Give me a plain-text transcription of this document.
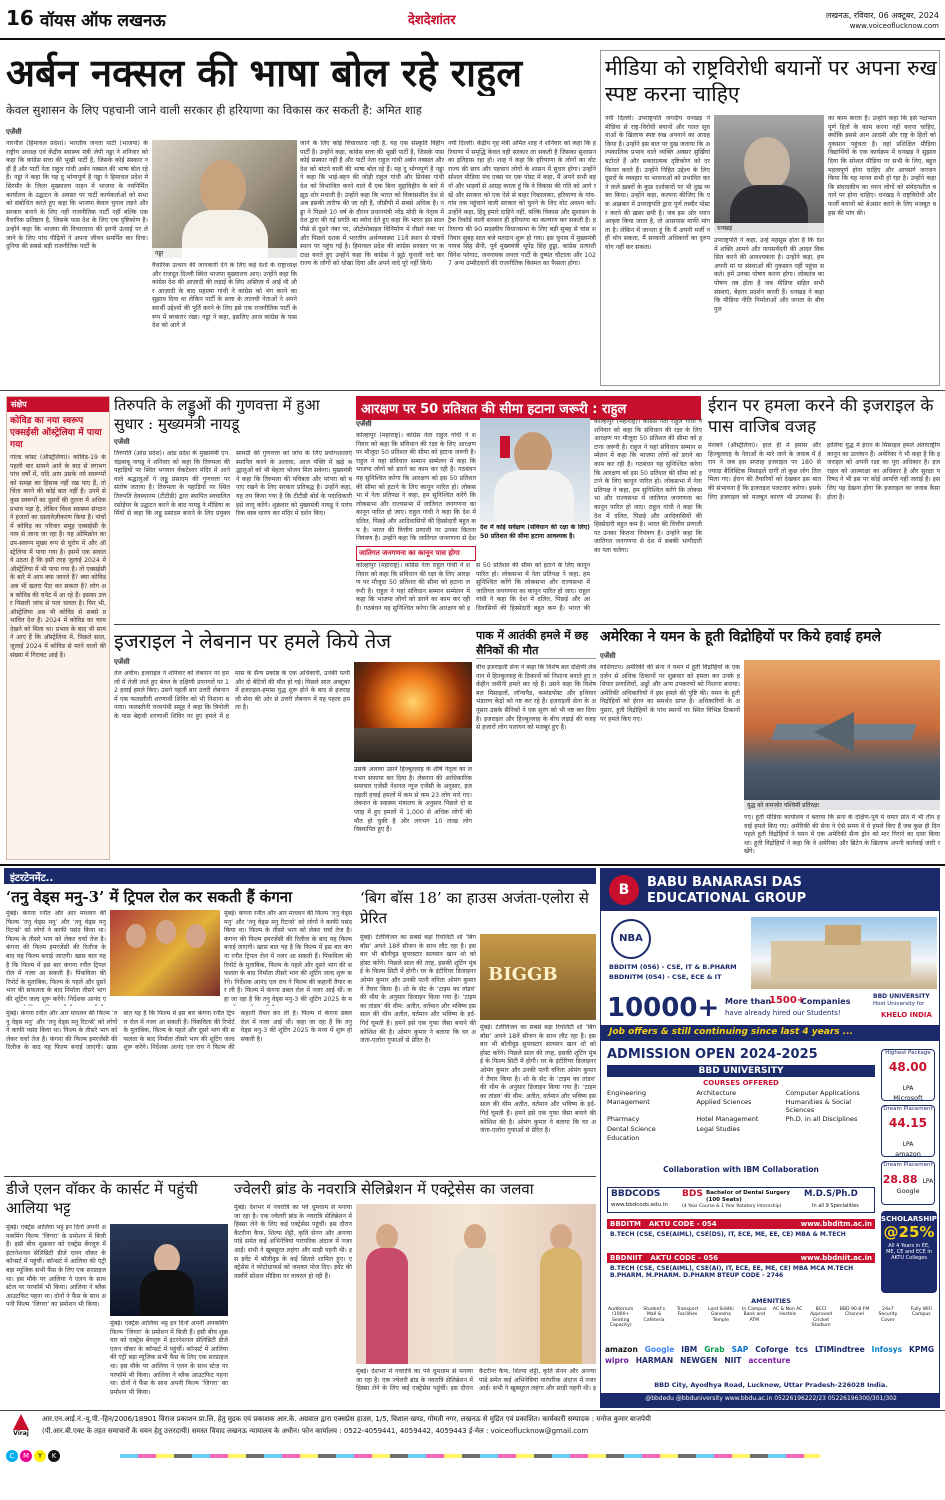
16 वॉयस ऑफ लखनऊ	देशदेशांतर	लखनऊ, रविवार, 06 अक्टूबर, 2024
www.voiceoflucknow.com
अर्बन नक्सल की भाषा बोल रहे राहुल
केवल सुशासन के लिए पहचानी जाने वाली सरकार ही हरियाणा का विकास कर सकती है: अमित शाह
एजेंसी
नारनौल (हिमाचल प्रदेश)। भारतीय जनता पार्टी (भाजपा) के राष्ट्रीय अध्यक्ष एवं केंद्रीय स्वास्थ्य मंत्री जेपी नड्डा ने शनिवार को कहा कि कांग्रेस सत्ता की भूखी पार्टी है, जिसके कोई संस्कार नहीं हैं और पार्टी नेता राहुल गांधी अर्बन नक्सल की भाषा बोल रहे हैं। नड्डा ने कहा कि यह दु र्भाग्यपूर्ण है नड्डा ने हिमाचल प्रदेश में सिरमौर के जिला मुख्यालय नाहन में भाजपा के नवनिर्मित कार्यालय के उद्घाटन के अवसर पर पार्टी कार्यकर्ताओं को सभा को संबोधित करते हुए कहा कि भाजपा केवल चुनाव लड़ने और सरकार बनाने के लिए नहीं राजनीतिक पार्टी नहीं बल्कि एक वैचारिक प्रतिष्ठान है, जिसके पास देश के लिए एक दृष्टिकोण है। उन्होंने कहा कि भाजपा की विचारधारा की इतनी ऊंचाई पर ले जाने के लिए पांच पीढ़ियों ने अपना जीवन समर्पित कर दिया। दुनिया की सबसे बड़ी राजनीतिक पार्टी के
नड्डा
वैचारिक उत्थान की जानकारी देने के लिए कई देशों के राष्ट्राध्यक्ष और राजदूत दिल्ली स्थित भाजपा मुख्यालय आए। उन्होंने कहा कि कांग्रेस देश की आज़ादी की लड़ाई के लिए अस्तित्व में आई थी और आज़ादी के बाद महात्मा गांधी ने कांग्रेस को भंग करने का सुझाव दिया था लेकिन पार्टी के सत्ता के लालची नेताओं ने अपने स्वार्थी उद्देश्यों की पूर्ति करने के लिए इसे एक राजनीतिक पार्टी के रूप में बरकरार रखा। नड्डा ने कहा, इसलिए आज कांग्रेस के पास देश को आगे ले
जाने के लिए कोई विचारधारा नहीं है, यह एक संस्कृति विहीन पार्टी है। उन्होंने कहा, कांग्रेस सत्ता की भूखी पार्टी है, जिसके पास कोई संस्कार नहीं है और पार्टी नेता राहुल गांधी अर्बन नक्सल और देश को बांटने वाली की भाषा बोल रहे हैं। यह दु र्भाग्यपूर्ण है नड्डा ने कहा कि भाई-बहन की जोड़ी राहुल गांधी और प्रियंका गांधी देश को विभाजित करने वाले मैं एक बिना मुद्दाविहीन के बारे में झूठ शोर मचाती है। उन्होंने कहा कि भारत को विकासशील देश से अब इसकी तारीफ की जा रही है, जीडीपी में सबसे अधिक है। नड्डा ने पिछले 10 वर्ष के दौरान प्रधानमंत्री नरेंद्र मोदी के नेतृत्व में देश द्वारा की गई प्रगति का ब्योरा देते हुए कहा कि भारत इस साल पीछे से दूसरे नंबर पर, ऑटोमोबाइल विनिर्माण में तीसरे नंबर पर और पिछले दशक में भारतीय अर्थव्यवस्था 11वें स्थान से पांचवें स्थान पर पहुंच गई है। हिमाचल प्रदेश की कांग्रेस सरकार पर कटाक्ष करते हुए उन्होंने कहा कि कांग्रेस ने झूठे चुनावी वादे कर राज्य के लोगों को धोखा दिया और अपने वादे पूरे नहीं किये।
नयी दिल्ली। केंद्रीय गृह मंत्री अमित शाह ने शनिवार को कहा कि हरियाणा में समृद्धि केवल वही सरकार ला सकती है जिसका सुशासन का इतिहास रहा हो। शाह ने कहा कि हरियाणा के लोगों का वोट राज्य की छाप और पहचान लोगों के शासन में सुधार होगा। उन्होंने सोशल मीडिया मंच एक्स पर एक पोस्ट में कहा, मैं अपने सभी बहनों और भाइयों से आग्रह करता हूं कि वे विकास की गति को आगे रखें और सरकार को एक ऐसे से बाहर निकालकर, हरियाणा के गांव-गांव तक पहुंचाने वाली सरकार को चुनने के लिए वोट अवश्य करें। उन्होंने कहा, हिंदू हमारे दाहिने नहीं, बल्कि विकास और सुशासन के ट्रैक रिकॉर्ड वाली सरकार ही हरियाणा का कल्याण कर सकती है। हरियाणा की 90 सदस्यीय विधानसभा के लिए बड़ी सुबह से चांस शनिवार सुबह सात बजे मतदान शुरू हो गया। इस चुनाव में मुख्यमंत्री नायब सिंह सैनी, पूर्व मुख्यमंत्री भूपेंद्र सिंह हुड्डा, कांग्रेस प्रत्याशी विनेश फोगाट, जननायक जनता पार्टी के दुष्यंत चौटाला और 1027 अन्य उम्मीदवारों की राजनीतिक किस्मत का फैसला होगा।
मीडिया को राष्ट्रविरोधी बयानों पर अपना रुख स्पष्ट करना चाहिए
नयी दिल्ली। उपराष्ट्रपति जगदीप धनखड़ ने मीडिया से राष्ट्र-विरोधी बयानों और गलत सूचनाओं के खिलाफ स्पष्ट रुख अपनाने का आग्रह किया है। उन्होंने इस बात पर दुख जताया कि अल्पकालिक प्रभाव वाले व्यक्ति अक्सर सुर्खियां बटोरते हैं और सकारात्मक दृष्टिकोण को दरकिनार करते हैं। उन्होंने निहित उद्देश्य के लिए दूसरों के व्यवहार या भावनाओं को प्रभावित करने वाले ख़बरों के कुछ दर्शाकारों पर भी दुख व्यक्त किया। उन्होंने कहा, कल्पना कीजिए कि एक अख़बार में उपराष्ट्रपति द्वारा पूर्ण तस्वीर पोस्टर करने की ख़बर छपी है। जब इस ओर ध्यान आकृष्ट किया जाता है, तो आसपास माफी मांगता है। लेकिन में जानता हूं कि मैं अपनी मर्जी नहीं थोप सकता, मैं सरकारी अधिकारों का दुरुपयोग नहीं कर सकता।
धनखड़
उपराष्ट्रपति ने कहा, उन्हें महसूस होता है कि देश में शक्ति आमने और पापसर्वंदनी की आदत विकसित करने की आवश्यकता है। उन्होंने कहा, हम अपनी मां या संस्थाओं की नुकसान नहीं पहुंचा सकते। हमें उनका पोषण करना होगा। लोकतंत्र का पोषण तब होता है जब मीडिया सहित सभी संस्थाएं, बेहतर प्रदर्शन करती हैं। धनखड़ ने कहा कि मीडिया नीति निर्माताओं और जनता के बीच पुल
का काम करता है। उन्होंने कहा कि इसे पक्षपातपूर्ण हितों के काम करना नहीं करना चाहिए, क्योंकि इससे आम आदमी और राष्ट्र के हितों को नुकसान पहुंचता है। वहां प्रशिक्षित मीडिया विद्यार्थियों के एक कार्यक्रम में धनखड़ ने सुझाव दिया कि सोशल मीडिया पर सभी के लिए, बहुत महत्वपूर्ण होना चाहिए और आपसर्ग जनजन किया कि यह मानव सभी हो रहा है। उन्होंने कहा कि संवादकीय का ध्यान लोगों को संवेदनशील बनाने पर होना चाहिए। धनखड़ ने राष्ट्रविरोधी और फर्जी बयानों को बेअसर करने के लिए मजबूत बहस की मांग की।
संक्षेप
कोविड का नया स्वरूप एक्सईसी ऑस्ट्रेलिया में पाया गया
गोल्ड कोस्ट (ऑस्ट्रेलिया)। कोविड-19 के पहली बार सामने आने के बाद से लगभग पांच वर्षों में, यदि आप उसके नये स्वरूप्पों को समझ का हिसाब नहीं रख पाए हैं, तो चिंता करने की कोई बात नहीं है। उनमें से कुछ स्वरूपों का दूसरों की तुलना में अधिक प्रभाव पड़ा है, लेकिन विश्व स्वास्थ्य संगठन ने हजारों का दस्तावेज़ीकरण किया है। पांचों में कोविड़ का परिवार समूह एक्सईसी के नाम से जाना जा रहा है। यह ओमिक्रोन का उप-स्वरूप मुख्य रूप से यूरोप में और ऑस्ट्रेलिया में पाया गया है। इसमें एक सवाल ये उठता है कि इसी तरह जुलाई 2024 में ऑस्ट्रेलिया में भी पाया गया है। तो एक्सईसी के बारे में आप क्या जानते हैं? क्या कोविड अब भी खतरा पैदा कर सकता है? लोग अब कोविड की चपेट में आ रहे हैं। इसका उत्तर पिछली जांच से पता चलता है। फिर भी, ऑस्ट्रेलिया अब भी कोविड से सबसे प्रभावित देश है। 2024 में कोविड का चरम देखने को मिला था। प्रभाव के बाद भी सामने आए हैं कि ऑस्ट्रेलिया में, पिछले साल, जुलाई 2024 में कोविड से मरने वालों की संख्या में गिरावट आई है।
तिरुपति के लड्डुओं की गुणवत्ता में हुआ सुधार : मुख्यमंत्री नायडू
एजेंसी
तिरुपति (आंध्र प्रदेश)। आंध्र प्रदेश के मुख्यमंत्री एन. चंद्रबाबू नायडू ने शनिवार को कहा कि तिरुमला की पहाड़ियों पर स्थित भगवान वेंकटेश्वर मंदिर में आने वाले श्रद्धालुओं ने लड्डू प्रसादम की गुणवत्ता पर संतोष जताया है। तिरुमला के पहाड़ियों पर स्थित तिरुपति देवस्थानम (टीटीडी) द्वारा स्थापित स्वचालित रसोईघर के उद्घाटन करने के बाद नायडू ने मीडिया कर्मियों से कहा कि लड्डू प्रसादम बनाने के लिए प्रयुक्त सामग्री की गुणवत्ता को जांच के लिए प्रयोगशालाएं स्थापित करने के अलावा, आज पंक्ति में खड़े श्रद्धालुओं को भी बेहतर भोजन मिल सकेगा। मुख्यमंत्री ने कहा कि तिरुमला की पवित्रता और परंपरा को बनाए रखने के लिए सरकार प्रतिबद्ध है। उन्होंने कहा, यह तय किया गया है कि टीटीडी बोर्ड के पदाधिकारी इसे लागू करेंगे। शुक्रवार को मुख्यमंत्री नायडू ने पारंपरिक वस्त्र धारण कर मंदिर में दर्शन किए।
आरक्षण पर 50 प्रतिशत की सीमा हटाना जरूरी : राहुल
एजेंसी
देश में कोई सर्वेक्षण (संविधान की रक्षा के लिए) 50 प्रतिशत की सीमा हटाना आवश्यक है।
जातिगत जनगणना का कानून पास होगा
कोल्हापुर (महाराष्ट्र)। कांग्रेस नेता राहुल गांधी ने शनिवार को कहा कि संविधान की रक्षा के लिए आरक्षण पर मौजूदा 50 प्रतिशत की सीमा को हटाना जरूरी है। राहुल ने यहां संविधान सम्मान सम्मेलन में कहा कि भाजपा लोगों को डराने का काम कर रही है। गठबंधन यह सुनिश्चित करेगा कि आरक्षण को इस 50 प्रतिशत की सीमा को हटाने के लिए कानून पारित हो। लोकसभा में नेता प्रतिपक्ष ने कहा, हम सुनिश्चित करेंगे कि लोकसभा और राज्यसभा में जातिगत जनगणना का कानून पारित हो जाए। राहुल गांधी ने कहा कि देश में दलित, पिछड़े और आदिवासियों की हिस्सेदारी बहुत कम है। भारत की वित्तीय प्रणाली पर उनका कितना नियंत्रण है। उन्होंने कहा कि जातिगत जनगणना से देश
कोल्हापुर (महाराष्ट्र)। कांग्रेस नेता राहुल गांधी ने शनिवार को कहा कि संविधान की रक्षा के लिए आरक्षण पर मौजूदा 50 प्रतिशत की सीमा को हटाना जरूरी है। राहुल ने यहां संविधान सम्मान सम्मेलन में कहा कि भाजपा लोगों को डराने का काम कर रही है। गठबंधन यह सुनिश्चित करेगा कि आरक्षण को इस 50 प्रतिशत की सीमा को हटाने के लिए कानून पारित हो। लोकसभा में नेता प्रतिपक्ष ने कहा, हम सुनिश्चित करेंगे कि लोकसभा और राज्यसभा में जातिगत जनगणना का कानून पारित हो जाए। राहुल गांधी ने कहा कि देश में दलित, पिछड़े और आदिवासियों की हिस्सेदारी बहुत कम है। भारत की
कोल्हापुर (महाराष्ट्र)। कांग्रेस नेता राहुल गांधी ने शनिवार को कहा कि संविधान की रक्षा के लिए आरक्षण पर मौजूदा 50 प्रतिशत की सीमा को हटाना जरूरी है। राहुल ने यहां संविधान सम्मान सम्मेलन में कहा कि भाजपा लोगों को डराने का काम कर रही है। गठबंधन यह सुनिश्चित करेगा कि आरक्षण को इस 50 प्रतिशत की सीमा को हटाने के लिए कानून पारित हो। लोकसभा में नेता प्रतिपक्ष ने कहा, हम सुनिश्चित करेंगे कि लोकसभा और राज्यसभा में जातिगत जनगणना का कानून पारित हो जाए। राहुल गांधी ने कहा कि देश में दलित, पिछड़े और आदिवासियों की हिस्सेदारी बहुत कम है। भारत की वित्तीय प्रणाली पर उनका कितना नियंत्रण है। उन्होंने कहा कि जातिगत जनगणना से देश में सबकी भागीदारी का पता चलेगा।
ईरान पर हमला करने की इजराइल के पास वाजिब वजह
मेलबर्न (ऑस्ट्रेलिया)। हाल ही में हमास और हिज्बुल्लाह के नेताओं के मारे जाने के जवाब में ईरान ने जब इस सप्ताह इजराइल पर 180 से ज्यादा बैलिस्टिक मिसाइलें दागीं तो कुछ लोग तिलमिला गए। ईरान की तैयारियों को देखकर इस बात की संभावना है कि इजराइल पलटवार करेगा। इसके लिए इजराइल को मजबूत कारण भी उपलब्ध हैं। हालिया युद्ध में ईरान के मिसाइल हमले अंतरराष्ट्रीय कानून का उल्लंघन हैं। अमेरिका ने भी कहा है कि इजराइल को अपनी रक्षा का पूरा अधिकार है। इजराइल को आत्मरक्षा का अधिकार है और सुरक्षा परिषद ने भी इस पर कोई आपत्ति नहीं जताई है। इसलिए यह देखना होगा कि इजराइल का जवाब कैसा होता है।
इजराइल ने लेबनान पर हमले किये तेज
एजेंसी
तेल अवीव। इजराइल ने शनिवार को लेबनान पर हमलों में तेजी लाते हुए बेरुत के दक्षिणी उपनगरों पर 12 हवाई हमले किए। उसने पहली बार उत्तरी लेबनान में एक फलस्तीनी शरणार्थी शिविर को भी निशाना बनाया। फलस्तीनी चरमपंथी समूह ने कहा कि त्रिपोली के पास बेद्दावी शरणार्थी शिविर पर हुए हमले में हमास के सैन्य प्रकोष्ठ के एक अधिकारी, उनकी पत्नी और दो बेटियों की मौत हो गई। पिछले साल अक्टूबर में इजराइल-हमास युद्ध शुरू होने के बाद से इजराइली सेना की ओर से उत्तरी लेबनान में यह पहला हमला है।
उसके अलावा उसने हिज्बुल्लाह के शीर्ष नेतृत्व का लगभग सफाया कर दिया है। लेबनान की आधिकारिक समाचार एजेंसी नेशनल न्यूज एजेंसी के अनुसार, इजराइली हवाई हमलों में कम से कम 23 लोग मारे गए। लेबनान के स्वास्थ्य मंत्रालय के अनुसार पिछले दो सप्ताह में हुए हमलों में 1,000 से अधिक लोगों की मौत हो चुकी है और लगभग 10 लाख लोग विस्थापित हुए हैं।
पाक में आतंकी हमले में छह सैनिकों की मौत
बीच इजराइली सेना ने कहा कि विशेष बल दक्षिणी लेबनान में हिज्बुल्लाह के ठिकानों को निशाना बनाते हुए तर्कहीन जमीनी हमले कर रहे हैं। उसने कहा कि विशेष बल मिसाइलों, लॉन्चपैड, कमांडपोस्ट और हथियार भंडारण केंद्रों को नष्ट कर रहे हैं। इजराइली सेना के अनुसार उसके सैनिकों ने एक सुरंग को भी नष्ट कर दिया है। इजराइल और हिज्बुल्लाह के बीच लड़ाई की वजह से हजारों लोग पलायन को मजबूर हुए हैं।
अमेरिका ने यमन के हूती विद्रोहियों पर किये हवाई हमले
एजेंसी
वाशिंगटन। अमेरिकी की सेना ने यमन में हूती विद्रोहियों के एक दर्जन से अधिक ठिकानों पर शुक्रवार को हमला कर उनके हथियार प्रणालियों, अड्डों और अन्य उपकरणों को निशाना बनाया। अमेरिकी अधिकारियों ने इस हमले की पुष्टि की। यमन के हूती विद्रोहियों को ईरान का समर्थन प्राप्त है। अधिकारियों के अनुसार, हूती विद्रोहियों के पांच स्थानों पर स्थित विभिन्न ठिकानों पर हमले किए गए।
युद्ध को कमजोर पश्चिमी प्रतिरक्षा
गए। हूती मीडिया कार्यालय ने बताया कि सना के दक्षिण-पूर्व में धमार प्रांत में भी तीन हवाई हमले किए गए। अमेरिकी की सेना ने ऐसे समय में ये हमले किए हैं जब कुछ ही दिन पहले हूती विद्रोहियों ने यमन में एक अमेरिकी सैन्य ड्रोन को मार गिराने का दावा किया था। हूती विद्रोहियों ने कहा कि वे अमेरिका और ब्रिटेन के खिलाफ अपनी कार्रवाई जारी रखेंगे।
इंटरटेनमेंट..
‘तनु वेड्स मनु-3’ में ट्रिपल रोल कर सकती हैं कंगना
मुंबई। कंगना रनौत और आर माधवन की फिल्म ‘तनु वेड्स मनु’ और ‘तनु वेड्स मनु रिटर्न्स’ को लोगों ने काफी पसंद किया था। फिल्म के तीसरे भाग को लेकर चर्चा तेज है। कंगना की फिल्म इमरजेंसी की रिलीज के बाद यह फिल्म बनाई जाएगी। खास बात यह है कि फिल्म में इस बार कंगना रनौत ट्रिपल रोल में नजर आ सकती हैं। पिंकविला की रिपोर्ट के मुताबिक, फिल्म के पहले और दूसरे भाग की सफलता के बाद निर्माता तीसरे भाग की शूटिंग जल्द शुरू करेंगे। निर्देशक आनंद ए
मुंबई। कंगना रनौत और आर माधवन की फिल्म ‘तनु वेड्स मनु’ और ‘तनु वेड्स मनु रिटर्न्स’ को लोगों ने काफी पसंद किया था। फिल्म के तीसरे भाग को लेकर चर्चा तेज है। कंगना की फिल्म इमरजेंसी की रिलीज के बाद यह फिल्म बनाई जाएगी। खास बात यह है कि फिल्म में इस बार कंगना रनौत ट्रिपल रोल में नजर आ सकती हैं। पिंकविला की रिपोर्ट के मुताबिक, फिल्म के पहले और दूसरे भाग की सफलता के बाद निर्माता तीसरे भाग की शूटिंग जल्द शुरू करेंगे। निर्देशक आनंद एल राय ने फिल्म की कहानी तैयार कर ली है। फिल्म में कंगना डबल रोल में नजर आई थीं। कहा जा रहा है कि तनु वेड्स मनु-3 की शूटिंग 2025 के म
मुंबई। कंगना रनौत और आर माधवन की फिल्म ‘तनु वेड्स मनु’ और ‘तनु वेड्स मनु रिटर्न्स’ को लोगों ने काफी पसंद किया था। फिल्म के तीसरे भाग को लेकर चर्चा तेज है। कंगना की फिल्म इमरजेंसी की रिलीज के बाद यह फिल्म बनाई जाएगी। खास बात यह है कि फिल्म में इस बार कंगना रनौत ट्रिपल रोल में नजर आ सकती हैं। पिंकविला की रिपोर्ट के मुताबिक, फिल्म के पहले और दूसरे भाग की सफलता के बाद निर्माता तीसरे भाग की शूटिंग जल्द शुरू करेंगे। निर्देशक आनंद एल राय ने फिल्म की कहानी तैयार कर ली है। फिल्म में कंगना डबल रोल में नजर आई थीं। कहा जा रहा है कि तनु वेड्स मनु-3 की शूटिंग 2025 के मध्य में शुरू हो सकती है।
‘बिग बॉस 18’ का हाउस अजंता-एलोरा से प्रेरित
BIGGB
मुंबई। टेलीविजन का सबसे बड़ा रियलिटी शो ‘बिग बॉस’ अपने 18वें सीजन के साथ लौट रहा है। इस बार भी बॉलीवुड सुपरस्टार सलमान खान शो को होस्ट करेंगे। पिछले साल की तरह, इसकी शूटिंग मुंबई के फिल्म सिटी में होगी। घर के इंटीरियर डिजाइनर ओमंग कुमार और उनकी पत्नी वनिता ओमंग कुमार ने तैयार किया है। शो के सेट के ‘टाइम का तांडव’ की थीम के अनुसार डिजाइन किया गया है। ‘टाइम का तांडव’ की थीम: अतीत, वर्तमान और भविष्य इस साल की थीम अतीत, वर्तमान और भविष्य के इर्द-गिर्द घूमती है। हमने इसे एक गुफा जैसा बनाने की कोशिश की है। ओमंग कुमार ने बताया कि घर अजंता-एलोरा गुफाओं से प्रेरित है।
मुंबई। टेलीविजन का सबसे बड़ा रियलिटी शो ‘बिग बॉस’ अपने 18वें सीजन के साथ लौट रहा है। इस बार भी बॉलीवुड सुपरस्टार सलमान खान शो को होस्ट करेंगे। पिछले साल की तरह, इसकी शूटिंग मुंबई के फिल्म सिटी में होगी। घर के इंटीरियर डिजाइनर ओमंग कुमार और उनकी पत्नी वनिता ओमंग कुमार ने तैयार किया है। शो के सेट के ‘टाइम का तांडव’ की थीम के अनुसार डिजाइन किया गया है। ‘टाइम का तांडव’ की थीम: अतीत, वर्तमान और भविष्य इस साल की थीम अतीत, वर्तमान और भविष्य के इर्द-गिर्द घूमती है। हमने इसे एक गुफा जैसा बनाने की कोशिश की है। ओमंग कुमार ने बताया कि घर अजंता-एलोरा गुफाओं से प्रेरित है।
डीजे एलन वॉकर के कार्सट में पहुंची आलिया भट्ट
मुंबई। एक्ट्रेस आलिया भट्ट इन दिनों अपनी अपकमिंग फिल्म ‘जिगरा’ के प्रमोशन में बिजी हैं। इसी बीच शुक्रवार को एक्ट्रेस बेंगलुरु में इंटरनेशनल सेलिब्रिटी डीजे एलन वॉकर के कॉन्सर्ट में पहुंचीं। कॉन्सर्ट में आलिया की एंट्री बड़ा म्यूजिक सभी फैंस के लिए एक सरप्राइज था। इस मौके पर आलिया ने एलन के साथ स्टेज पर परफॉर्म भी किया। आलिया ने ब्लैक आउटफिट पहना था। दोनों ने फैंस के साथ अपनी फिल्म ‘जिगरा’ का प्रमोशन भी किया।
मुंबई। एक्ट्रेस आलिया भट्ट इन दिनों अपनी अपकमिंग फिल्म ‘जिगरा’ के प्रमोशन में बिजी हैं। इसी बीच शुक्रवार को एक्ट्रेस बेंगलुरु में इंटरनेशनल सेलिब्रिटी डीजे एलन वॉकर के कॉन्सर्ट में पहुंचीं। कॉन्सर्ट में आलिया की एंट्री बड़ा म्यूजिक सभी फैंस के लिए एक सरप्राइज था। इस मौके पर आलिया ने एलन के साथ स्टेज पर परफॉर्म भी किया। आलिया ने ब्लैक आउटफिट पहना था। दोनों ने फैंस के साथ अपनी फिल्म ‘जिगरा’ का प्रमोशन भी किया।
ज्वेलरी ब्रांड के नवरात्रि सेलिब्रेशन में एक्ट्रेसेस का जलवा
मुंबई। देशभर में नवरात्रि का पर्व धूमधाम से मनाया जा रहा है। एक ज्वेलरी ब्रांड के नवरात्रि सेलिब्रेशन में हिस्सा लेने के लिए कई एक्ट्रेसेस पहुंचीं। इस दौरान कैटरीना कैफ, शिल्पा शेट्टी, कृति सेनन और अनन्या पांडे समेत कई अभिनेत्रियां पारंपरिक अंदाज में नजर आईं। सभी ने खूबसूरत लहंगा और साड़ी पहनी थी। इस इवेंट में बॉलीवुड के कई सितारे शामिल हुए। एक्ट्रेसेस ने फोटोग्राफर्स को जमकर पोज दिए। इवेंट की तस्वीरें सोशल मीडिया पर वायरल हो रही हैं।
मुंबई। देशभर में नवरात्रि का पर्व धूमधाम से मनाया जा रहा है। एक ज्वेलरी ब्रांड के नवरात्रि सेलिब्रेशन में हिस्सा लेने के लिए कई एक्ट्रेसेस पहुंचीं। इस दौरान कैटरीना कैफ, शिल्पा शेट्टी, कृति सेनन और अनन्या पांडे समेत कई अभिनेत्रियां पारंपरिक अंदाज में नजर आईं। सभी ने खूबसूरत लहंगा और साड़ी पहनी थी। इ
B	BABU BANARASI DAS
EDUCATIONAL GROUP
NBA
BBDITM (056) - CSE, IT & B.PHARM
BBDNITM (054) - CSE, ECE & IT
10000+ More than
1500+
Companies
have already hired our Students!
BBD UNIVERSITY
Host University for
KHELO INDIA
Job offers & still continuing since last 4 years ...
ADMISSION OPEN 2024-2025
BBD UNIVERSITY
COURSES OFFERED
Engineering	Architecture	Computer Applications
Management	Applied Sciences	Humanities & Social Sciences
Pharmacy	Hotel Management	Ph.D. in all Disciplines
Dental Science	Legal Studies
Education
Collaboration with IBM Collaboration
Highest Package
48.00 LPA
Microsoft
Dream Placement
44.15 LPA
amazon
Dream Placement
28.88 LPA
Google
BBDCODS
www.bbdcods.edu.in
BDS Bachelor of Dental Surgery (100 Seats)
(4 Year Course & 1 Year Rotatory Internship)
M.D.S/Ph.D
In all 9 Specialities
BBDITM AKTU CODE - 054	www.bbditm.ac.in
B.TECH (CSE, CSE(AIML), CSE(DS), IT, ECE, ME, EE, CE) MBA & M.TECH
BBDNIIT AKTU CODE - 056	www.bbdniit.ac.in
B.TECH (CSE, CSE(AIML), CSE(AI), IT, ECE, EE, ME, CE) MBA MCA M.TECH
B.PHARM. M.PHARM. D.PHARM BTEUP CODE - 2746
SCHOLARSHIP
@25%
All 4 Years in EE, ME, CE and ECE in AKTU Colleges
AMENITIES
Auditorium (1000+ Seating Capacity)
Student's Mall & Cafeteria
Transport Facilities
Lord Siddhi Ganesha Temple
In Campus Bank and ATM
AC & Non AC Hostels
BCCI Approved Cricket Stadium
BBD 90.8 FM Channel
24x7 Security Cover
Fully WiFi Campus
amazon Google IBM Grab SAP Coforge tcs LTIMindtree Infosys KPMG
wipro HARMAN NEWGEN NIIT accenture
BBD City, Ayodhya Road, Lucknow, Uttar Pradesh-226028 India.
@bbdedu @bbduniversity www.bbdu.ac.in 05226196222/23 05226196300/301/302
Viraj
आर.एन.आई.नं.-यू.पी.-हिन/2006/18901 विराज प्रकाशन प्रा.लि. हेतु मुद्रक एवं प्रकाशक आर.के. अग्रवाल द्वारा एक्सप्रेस हाउस, 1/5, विशाल खण्ड, गोमती नगर, लखनऊ से मुद्रित एवं प्रकाशित। कार्यकारी सम्पादक : मनोज कुमार बाजपेयी
(पी.आर.बी.एक्ट के तहत समाचारों के चयन हेतु उत्तरदायी) समस्त विवाद लखनऊ न्यायालय के अधीन। फोन कार्यालय : 0522-4059441, 4059442, 4059443 ई-मेल : voiceoflucknow@gmail.com
C	M	Y	K
